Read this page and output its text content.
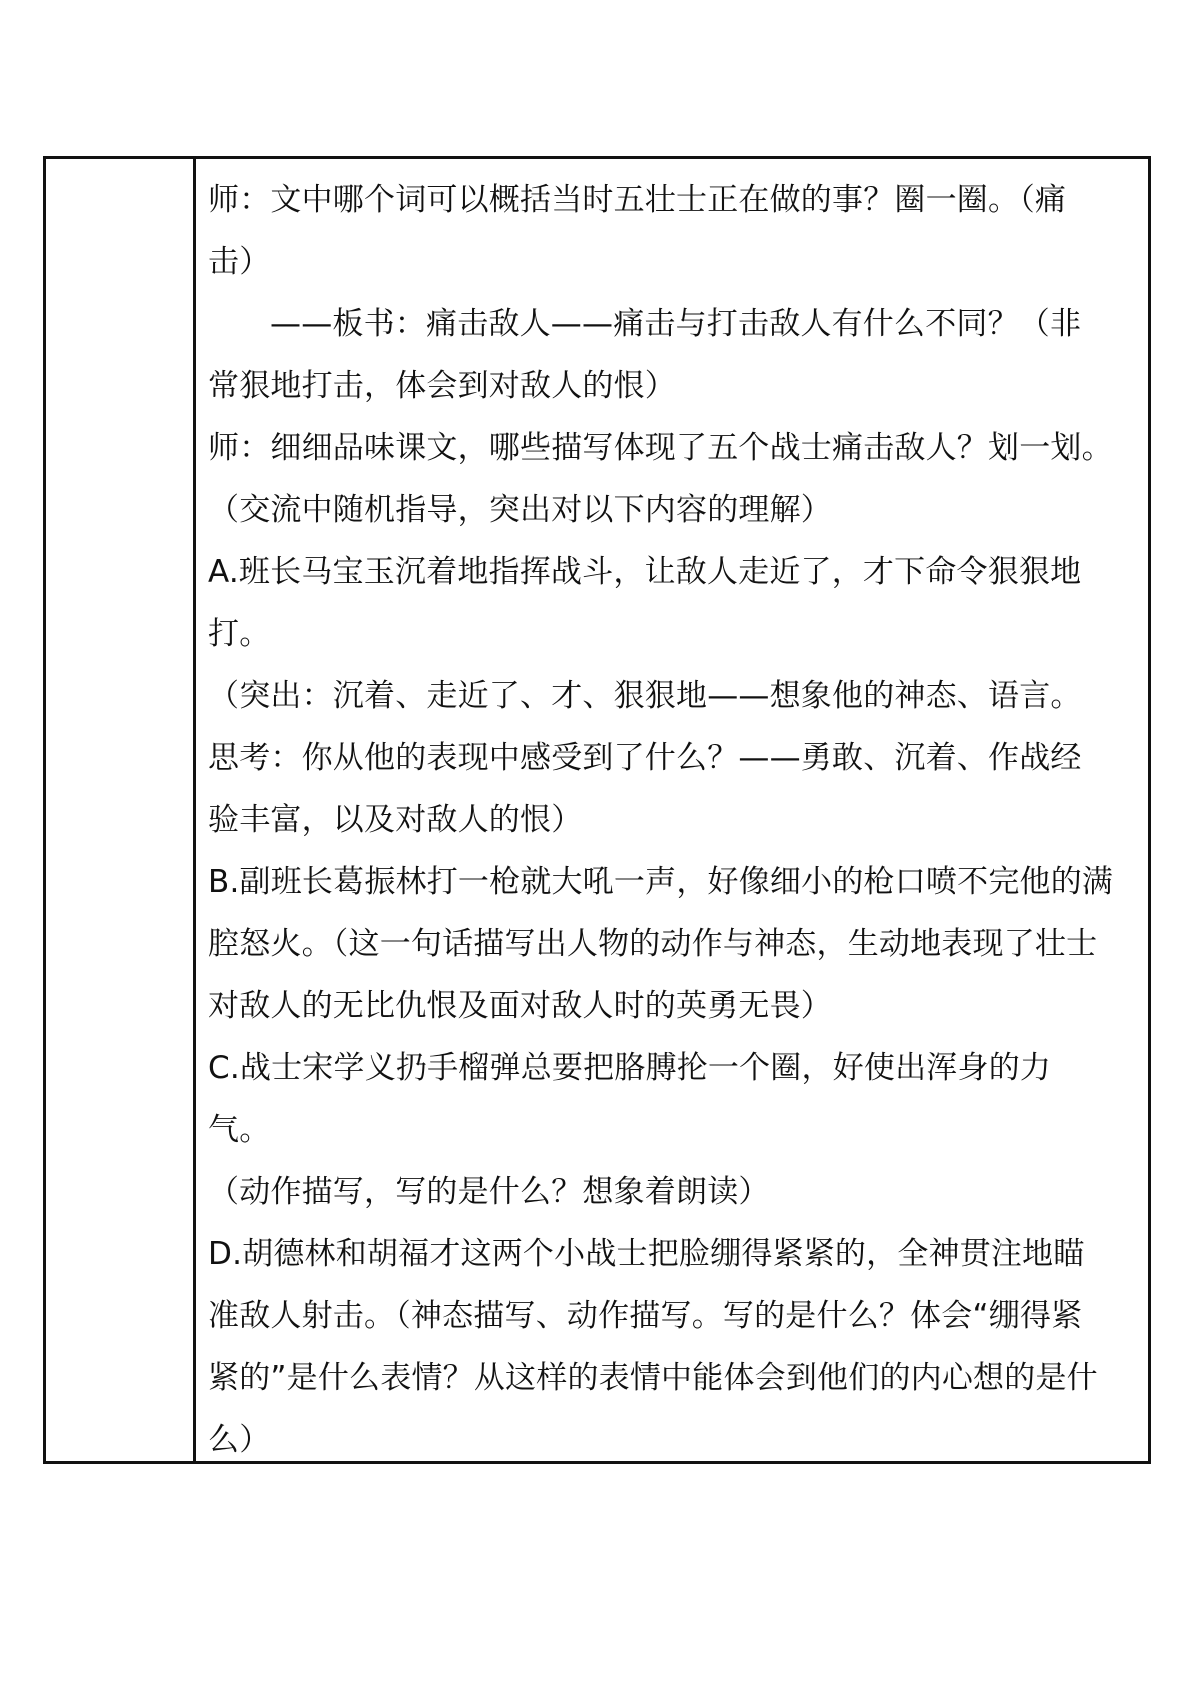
师：文中哪个词可以概括当时五壮士正在做的事？圈一圈。（痛
击）
——板书：痛击敌人——痛击与打击敌人有什么不同？（非
常狠地打击，体会到对敌人的恨）
师：细细品味课文，哪些描写体现了五个战士痛击敌人？划一划。
（交流中随机指导，突出对以下内容的理解）
A.班长马宝玉沉着地指挥战斗，让敌人走近了，才下命令狠狠地
打。
（突出：沉着、走近了、才、狠狠地——想象他的神态、语言。
思考：你从他的表现中感受到了什么？——勇敢、沉着、作战经
验丰富，以及对敌人的恨）
B.副班长葛振林打一枪就大吼一声，好像细小的枪口喷不完他的满
腔怒火。（这一句话描写出人物的动作与神态，生动地表现了壮士
对敌人的无比仇恨及面对敌人时的英勇无畏）
C.战士宋学义扔手榴弹总要把胳膊抡一个圈，好使出浑身的力
气。
（动作描写，写的是什么？想象着朗读）
D.胡德林和胡福才这两个小战士把脸绷得紧紧的，全神贯注地瞄
准敌人射击。（神态描写、动作描写。写的是什么？体会“绷得紧
紧的”是什么表情？从这样的表情中能体会到他们的内心想的是什
么）
